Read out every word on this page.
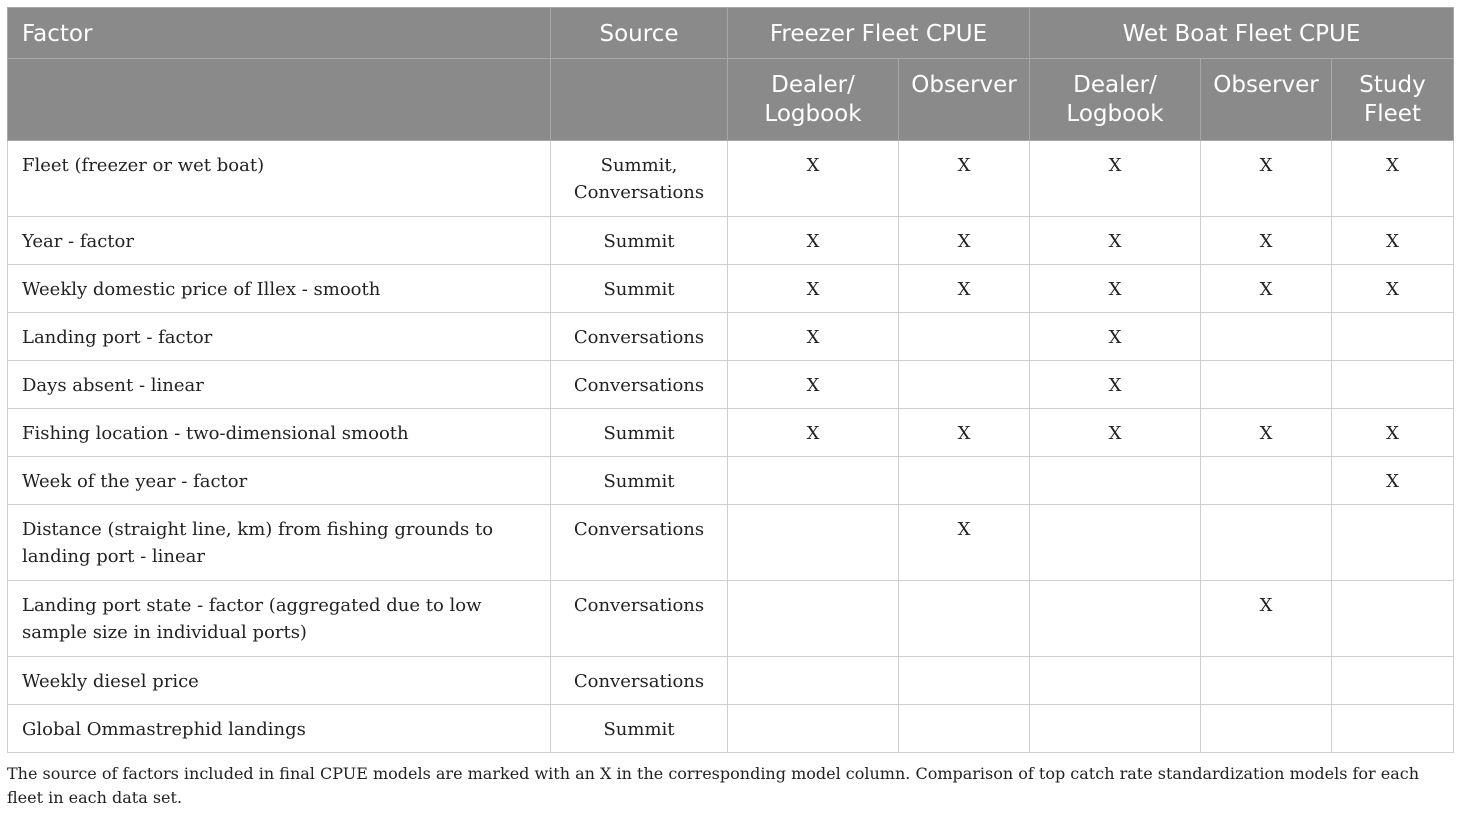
Factor	Source	Freezer Fleet CPUE		Wet Boat Fleet CPUE		
		Dealer/ Logbook	Observer	Dealer/ Logbook	Observer	Study Fleet
Fleet (freezer or wet boat)	Summit, Conversations	X	X	X	X	X
Year - factor	Summit	X	X	X	X	X
Weekly domestic price of Illex - smooth	Summit	X	X	X	X	X
Landing port - factor	Conversations	X		X		
Days absent - linear	Conversations	X		X		
Fishing location - two-dimensional smooth	Summit	X	X	X	X	X
Week of the year - factor	Summit					X
Distance (straight line, km) from fishing grounds to landing port - linear	Conversations		X			
Landing port state - factor (aggregated due to low sample size in individual ports)	Conversations				X	
Weekly diesel price	Conversations					
Global Ommastrephid landings	Summit					
The source of factors included in final CPUE models are marked with an X in the corresponding model column. Comparison of top catch rate standardization models for each fleet in each data set.
